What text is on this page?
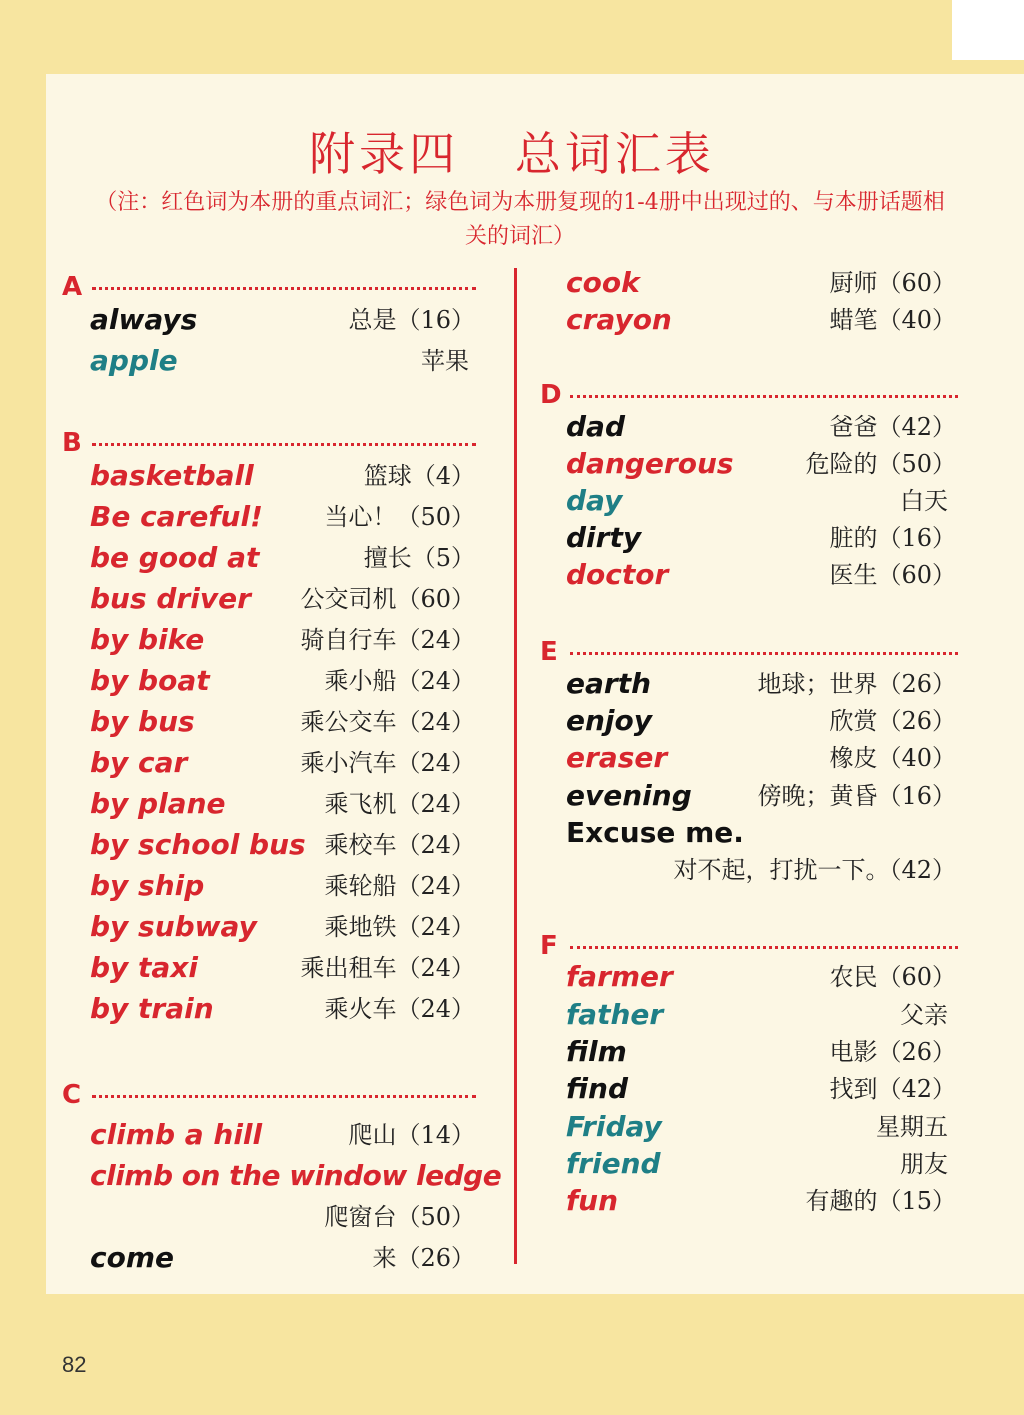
附录四   总词汇表
（注：红色词为本册的重点词汇；绿色词为本册复现的1-4册中出现过的、与本册话题相关的词汇）
A
always	总是（16）
apple	苹果
B
basketball	篮球（4）
Be careful!	当心！（50）
be good at	擅长（5）
bus driver 公交司机（60）
by bike	骑自行车（24）
by boat	乘小船（24）
by bus	乘公交车（24）
by car	乘小汽车（24）
by plane	乘飞机（24）
by school bus 乘校车（24）
by ship	乘轮船（24）
by subway	乘地铁（24）
by taxi	乘出租车（24）
by train	乘火车（24）
C
climb a hill	爬山（14）
climb on the window ledge
爬窗台（50）
come	来（26）
cook	厨师（60）
crayon	蜡笔（40）
D
dad	爸爸（42）
dangerous	危险的（50）
day	白天
dirty	脏的（16）
doctor	医生（60）
E
earth	地球；世界（26）
enjoy	欣赏（26）
eraser	橡皮（40）
evening	傍晚；黄昏（16）
Excuse me.
对不起，打扰一下。（42）
F
farmer	农民（60）
father	父亲
film	电影（26）
find	找到（42）
Friday	星期五
friend	朋友
fun	有趣的（15）
82
